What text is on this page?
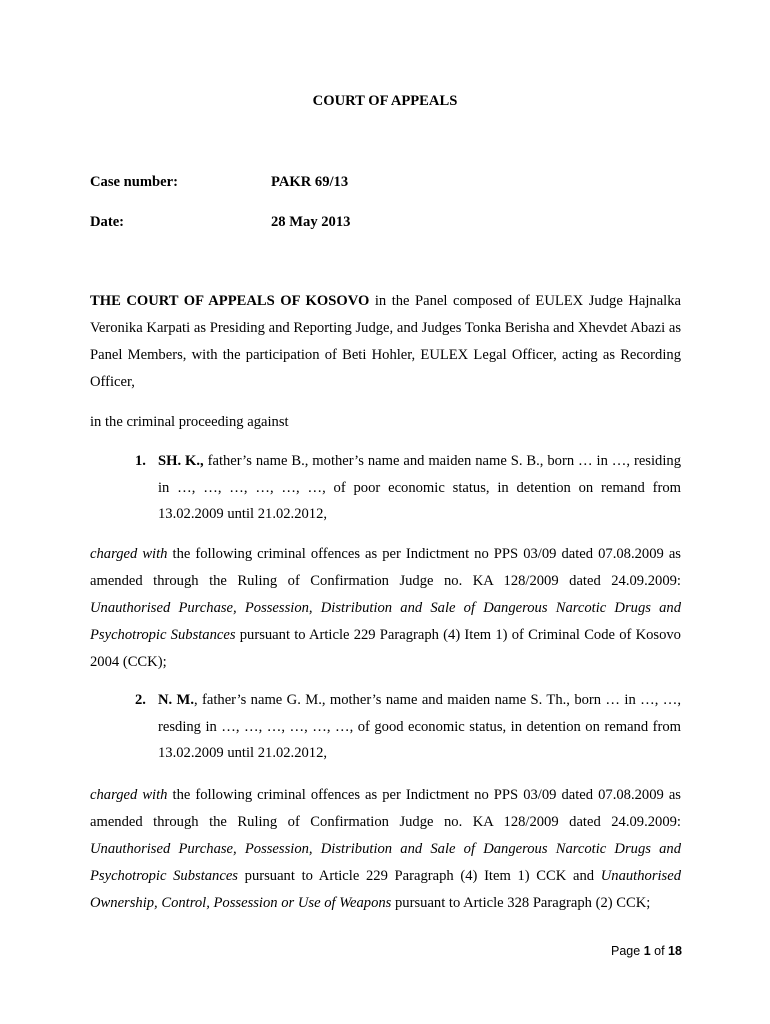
COURT OF APPEALS
Case number:	PAKR 69/13
Date:	28 May 2013
THE COURT OF APPEALS OF KOSOVO in the Panel composed of EULEX Judge Hajnalka Veronika Karpati as Presiding and Reporting Judge, and Judges Tonka Berisha and Xhevdet Abazi as Panel Members, with the participation of Beti Hohler, EULEX Legal Officer, acting as Recording Officer,
in the criminal proceeding against
1. SH. K., father’s name B., mother’s name and maiden name S. B., born … in …, residing in …, …, …, …, …, …, of poor economic status, in detention on remand from 13.02.2009 until 21.02.2012,
charged with the following criminal offences as per Indictment no PPS 03/09 dated 07.08.2009 as amended through the Ruling of Confirmation Judge no. KA 128/2009 dated 24.09.2009: Unauthorised Purchase, Possession, Distribution and Sale of Dangerous Narcotic Drugs and Psychotropic Substances pursuant to Article 229 Paragraph (4) Item 1) of Criminal Code of Kosovo 2004 (CCK);
2. N. M., father’s name G. M., mother’s name and maiden name S. Th., born … in …, …, resding in …, …, …, …, …, …, of good economic status, in detention on remand from 13.02.2009 until 21.02.2012,
charged with the following criminal offences as per Indictment no PPS 03/09 dated 07.08.2009 as amended through the Ruling of Confirmation Judge no. KA 128/2009 dated 24.09.2009: Unauthorised Purchase, Possession, Distribution and Sale of Dangerous Narcotic Drugs and Psychotropic Substances pursuant to Article 229 Paragraph (4) Item 1) CCK and Unauthorised Ownership, Control, Possession or Use of Weapons pursuant to Article 328 Paragraph (2) CCK;
Page 1 of 18
